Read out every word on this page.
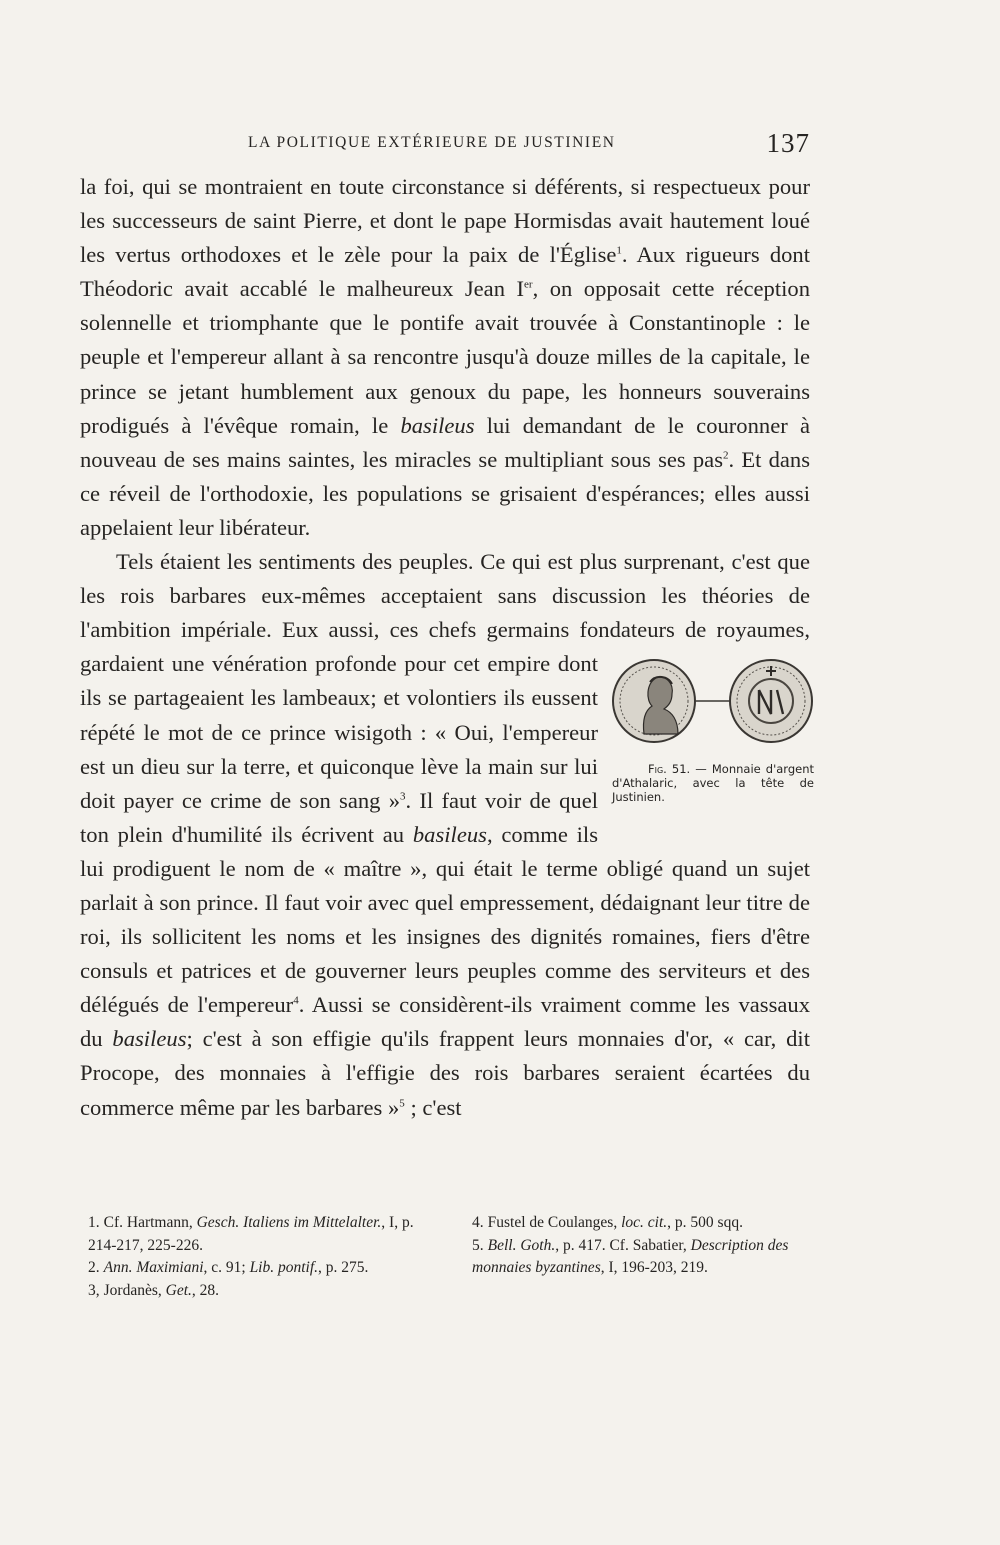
LA POLITIQUE EXTÉRIEURE DE JUSTINIEN	137

la foi, qui se montraient en toute circonstance si déférents, si respectueux pour les successeurs de saint Pierre, et dont le pape Hormisdas avait hautement loué les vertus orthodoxes et le zèle pour la paix de l'Église$^1$. Aux rigueurs dont Théodoric avait accablé le malheureux Jean Ier, on opposait cette réception solennelle et triomphante que le pontife avait trouvée à Constantinople : le peuple et l'empereur allant à sa rencontre jusqu'à douze milles de la capitale, le prince se jetant humblement aux genoux du pape, les honneurs souverains prodigués à l'évêque romain, le basileus lui demandant de le couronner à nouveau de ses mains saintes, les miracles se multipliant sous ses pas$^2$. Et dans ce réveil de l'orthodoxie, les populations se grisaient d'espérances; elles aussi appelaient leur libérateur.

Tels étaient les sentiments des peuples. Ce qui est plus surprenant, c'est que les rois barbares eux-mêmes acceptaient sans discussion les théories de l'ambition impériale. Eux aussi, ces chefs germains fondateurs de
Fig. 51. — Monnaie d'argent d'Athalaric, avec la tête de Justinien.
royaumes, gardaient une vénération profonde pour cet empire dont ils se partageaient les lambeaux; et volontiers ils eussent répété le mot de ce prince wisigoth : « Oui, l'empereur est un dieu sur la terre, et quiconque lève la main sur lui doit payer ce crime de son sang »$^3$. Il faut voir de quel ton plein d'humilité ils écrivent au basileus, comme ils lui prodiguent le nom de « maître », qui était le terme obligé quand un sujet parlait à son prince. Il faut voir avec quel empressement, dédaignant leur titre de roi, ils sollicitent les noms et les insignes des dignités romaines, fiers d'être consuls et patrices et de gouverner leurs peuples comme des serviteurs et des délégués de l'empereur$^4$. Aussi se considèrent-ils vraiment comme les vassaux du basileus; c'est à son effigie qu'ils frappent leurs monnaies d'or, « car, dit Procope, des monnaies à l'effigie des rois barbares seraient écartées du commerce même par les barbares »$^5$ ; c'est

1. Cf. Hartmann, Gesch. Italiens im Mittelalter., I, p. 214-217, 225-226.

2. Ann. Maximiani, c. 91; Lib. pontif., p. 275.

3, Jordanès, Get., 28.

4. Fustel de Coulanges, loc. cit., p. 500 sqq.

5. Bell. Goth., p. 417. Cf. Sabatier, Description des monnaies byzantines, I, 196-203, 219.
